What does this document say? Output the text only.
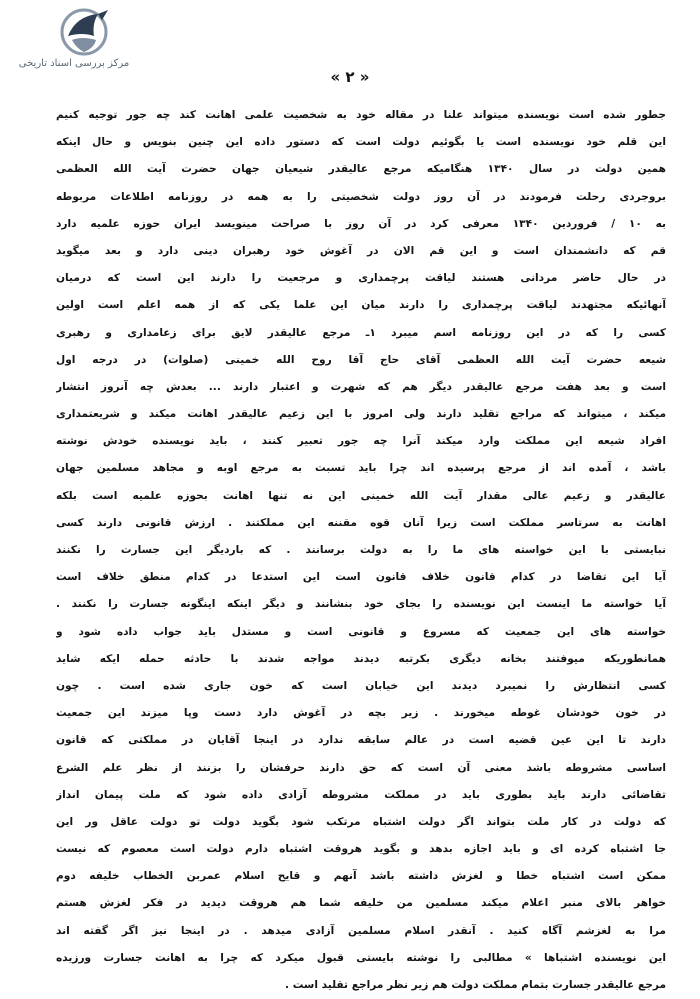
مرکز بررسی اسناد تاریخی
« ۲ »
جطور شده است نویسنده میتواند علنا در مقاله خود به شخصیت علمی اهانت کند چه جور توجیه کنیم
این قلم خود نویسنده است یا بگوئیم دولت است که دستور داده این چنین بنویس و حال اینکه
همین دولت در سال ۱۳۴۰ هنگامیکه مرجع عالیقدر شیعیان جهان حضرت آیت الله العظمی
بروجردی رحلت فرمودند در آن روز دولت شخصیتی را به همه در روزنامه اطلاعات مربوطه
به ۱۰ / فروردین ۱۳۴۰ معرفی کرد در آن روز با صراحت مینویسد ایران حوزه علمیه دارد
قم که دانشمندان است و این قم الان در آغوش خود رهبران دینی دارد و بعد میگوید
در حال حاضر مردانی هستند لیاقت پرچمداری و مرجعیت را دارند این است که درمیان
آنهائیکه مجتهدند لیاقت پرچمداری را دارند میان این علما یکی که از همه اعلم است اولین
کسی را که در این روزنامه اسم میبرد ۱ـ مرجع عالیقدر لایق برای زعامداری و رهبری
شیعه حضرت آیت الله العظمی آقای حاج آقا روح الله خمینی (صلوات) در درجه اول
است و بعد هفت مرجع عالیقدر دیگر هم که شهرت و اعتبار دارند ... بعدش چه آنروز انتشار
میکند ، میتواند که مراجع تقلید دارند ولی امروز با این زعیم عالیقدر اهانت میکند و شریعتمداری
افراد شیعه این مملکت وارد میکند آنرا چه جور تعبیر کنند ، باید نویسنده خودش نوشته
باشد ، آمده اند از مرجع پرسیده اند چرا باید تسبت به مرجع اوبه و مجاهد مسلمین جهان
عالیقدر و زعیم عالی مقدار آیت الله خمینی این نه تنها اهانت بحوزه علمیه است بلکه
اهانت به سرتاسر مملکت است زیرا آنان قوه مقننه این مملکتند . ارزش قانونی دارند کسی
نبایستی با این خواسته های ما را به دولت برسانند . که باردیگر این جسارت را نکنند
آیا این تقاضا در کدام قانون خلاف قانون است این استدعا در کدام منطق خلاف است
آیا خواسته ما اینست این نویسنده را بجای خود بنشانند و دیگر اینکه اینگونه جسارت را نکنند .
خواسته های این جمعیت که مسروع و قانونی است و مستدل باید جواب داده شود و
همانطوریکه میوفتند بخانه دیگری بکرتبه دیدند مواجه شدند با حادثه حمله ایکه شاید
کسی انتظارش را نمیبرد دیدند این خیابان است که خون جاری شده است . چون
در خون خودشان غوطه میخورند . زیر بچه در آغوش دارد دست وپا میزند این جمعیت
دارند تا این عین قضیه است در عالم سابقه ندارد در اینجا آقایان در مملکتی که قانون
اساسی مشروطه باشد معنی آن است که حق دارند حرفشان را بزنند از نظر علم الشرع
تقاضائی دارند باید بطوری باید در مملکت مشروطه آزادی داده شود که ملت پیمان انداز
که دولت در کار ملت بتواند اگر دولت اشتباه مرتکب شود بگوید دولت تو دولت عاقل ور این
جا اشتباه کرده ای و باید اجازه بدهد و بگوید هروقت اشتباه دارم دولت است معصوم که نیست
ممکن است اشتباه خطا و لغزش داشته باشد آنهم و قایح اسلام عمربن الخطاب خلیفه دوم
خواهر بالای منبر اعلام میکند مسلمین من خلیفه شما هم هروقت دیدید در فکر لغزش هستم
مرا به لغزشم آگاه کنید . آنقدر اسلام مسلمین آزادی میدهد . در اینجا نیز اگر گفته اند
این نویسنده اشتباها » مطالبی را نوشته بایستی قبول میکرد که چرا به اهانت جسارت ورزیده
مرجع عالیقدر جسارت بتمام مملکت دولت هم زیر نظر مراجع تقلید است .
